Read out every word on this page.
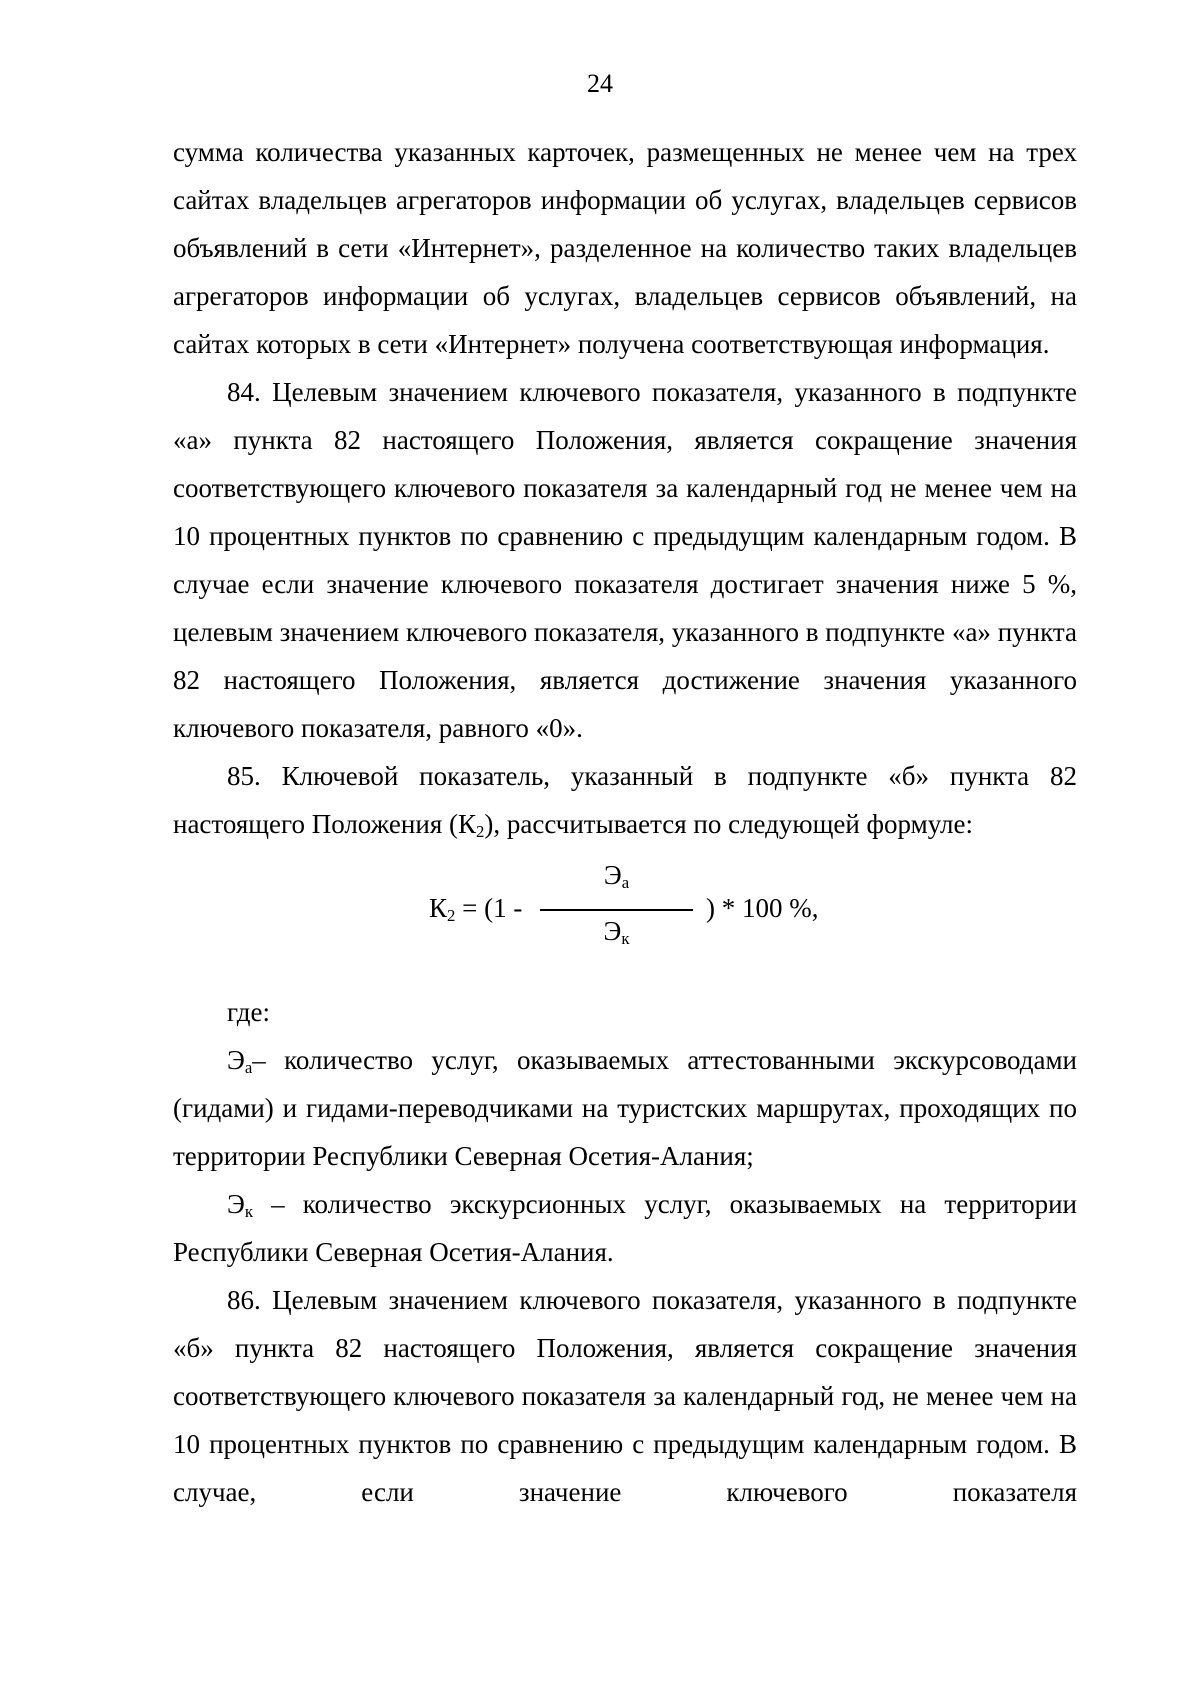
24

сумма количества указанных карточек, размещенных не менее чем на трех сайтах владельцев агрегаторов информации об услугах, владельцев сервисов объявлений в сети «Интернет», разделенное на количество таких владельцев агрегаторов информации об услугах, владельцев сервисов объявлений, на сайтах которых в сети «Интернет» получена соответствующая информация.

84. Целевым значением ключевого показателя, указанного в подпункте «а» пункта 82 настоящего Положения, является сокращение значения соответствующего ключевого показателя за календарный год не менее чем на 10 процентных пунктов по сравнению с предыдущим календарным годом. В случае если значение ключевого показателя достигает значения ниже 5 %, целевым значением ключевого показателя, указанного в подпункте «а» пункта 82 настоящего Положения, является достижение значения указанного ключевого показателя, равного «0».

85. Ключевой показатель, указанный в подпункте «б» пункта 82 настоящего Положения $(К_2)$, рассчитывается по следующей формуле:

$К_2 = (1$ -
$Э_а$
$Э_к$
) * 100 %,

где:

$Э_а-$ количество услуг, оказываемых аттестованными экскурсоводами (гидами) и гидами-переводчиками на туристских маршрутах, проходящих по территории Республики Северная Осетия-Алания;

$Э_к$ – количество экскурсионных услуг, оказываемых на территории Республики Северная Осетия-Алания.

86. Целевым значением ключевого показателя, указанного в подпункте «б» пункта 82 настоящего Положения, является сокращение значения соответствующего ключевого показателя за календарный год, не менее чем на 10 процентных пунктов по сравнению с предыдущим календарным годом. В случае, если значение ключевого показателя
